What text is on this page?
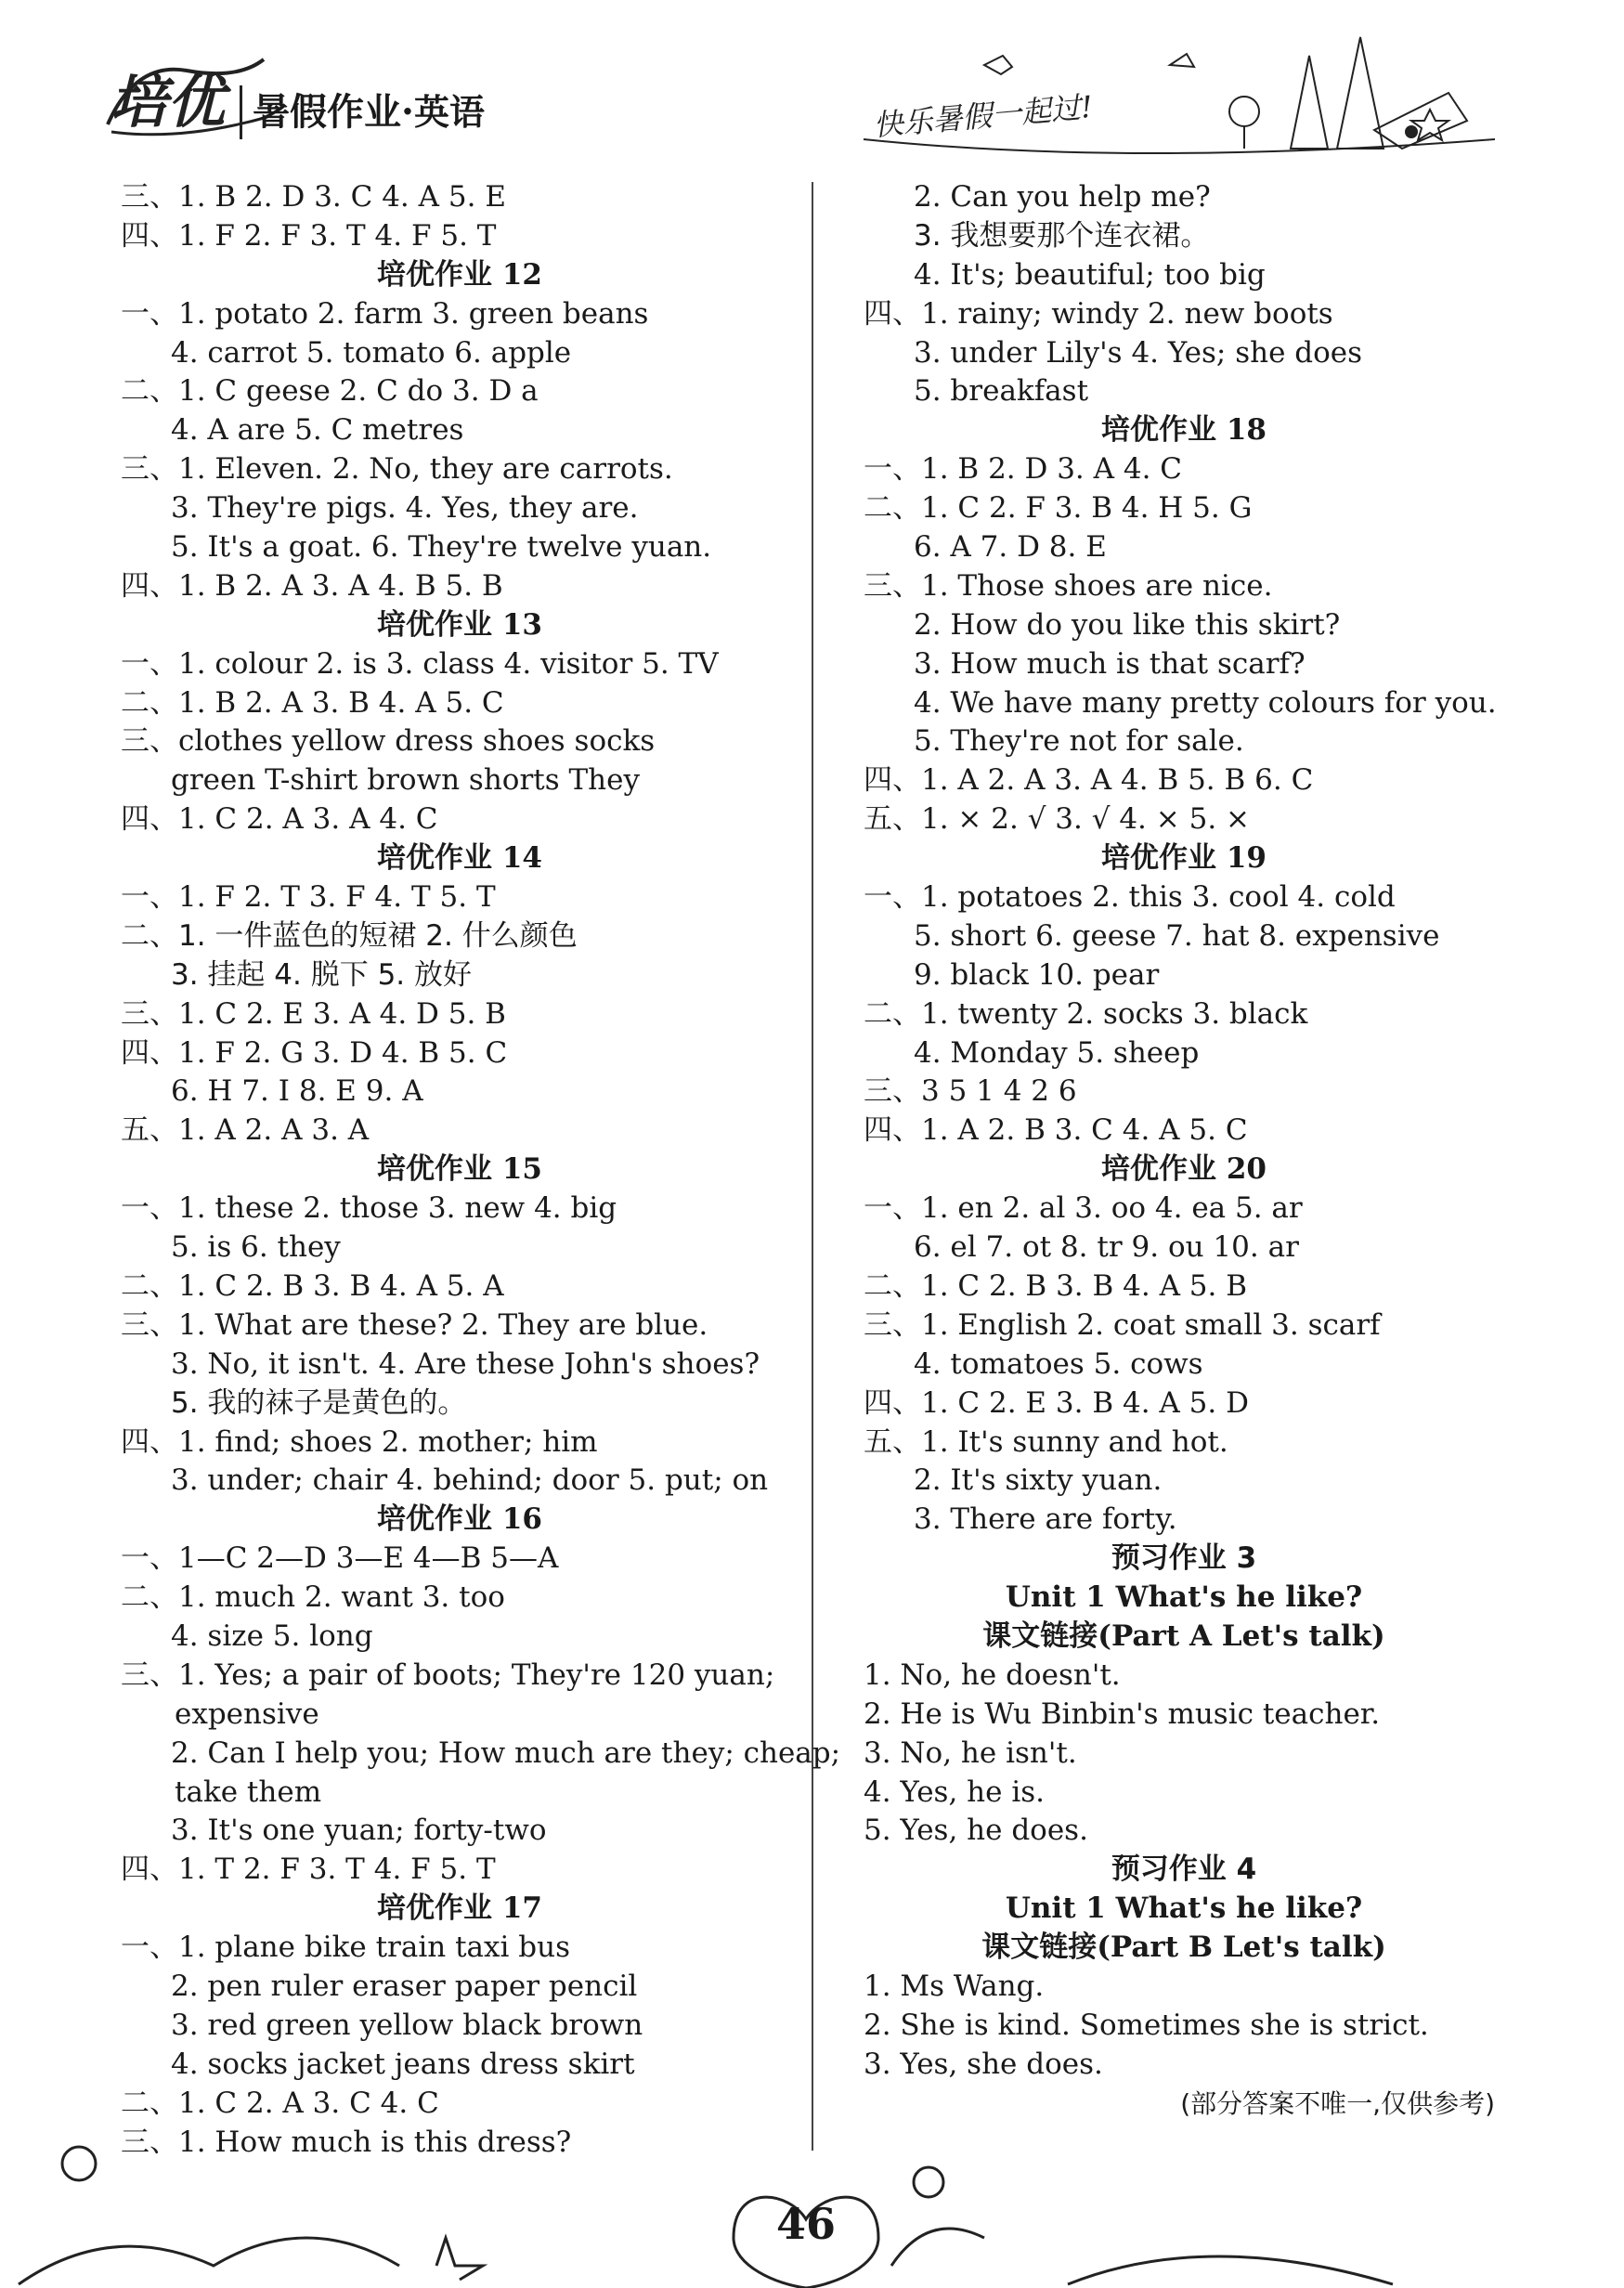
培优 暑假作业·英语	快乐暑假一起过!
三、1. B 2. D 3. C 4. A 5. E
四、1. F 2. F 3. T 4. F 5. T
培优作业 12
一、1. potato 2. farm 3. green beans
4. carrot 5. tomato 6. apple
二、1. C geese 2. C do 3. D a
4. A are 5. C metres
三、1. Eleven. 2. No, they are carrots.
3. They're pigs. 4. Yes, they are.
5. It's a goat. 6. They're twelve yuan.
四、1. B 2. A 3. A 4. B 5. B
培优作业 13
一、1. colour 2. is 3. class 4. visitor 5. TV
二、1. B 2. A 3. B 4. A 5. C
三、clothes yellow dress shoes socks
green T-shirt brown shorts They
四、1. C 2. A 3. A 4. C
培优作业 14
一、1. F 2. T 3. F 4. T 5. T
二、1. 一件蓝色的短裙 2. 什么颜色
3. 挂起 4. 脱下 5. 放好
三、1. C 2. E 3. A 4. D 5. B
四、1. F 2. G 3. D 4. B 5. C
6. H 7. I 8. E 9. A
五、1. A 2. A 3. A
培优作业 15
一、1. these 2. those 3. new 4. big
5. is 6. they
二、1. C 2. B 3. B 4. A 5. A
三、1. What are these? 2. They are blue.
3. No, it isn't. 4. Are these John's shoes?
5. 我的袜子是黄色的。
四、1. find; shoes 2. mother; him
3. under; chair 4. behind; door 5. put; on
培优作业 16
一、1—C 2—D 3—E 4—B 5—A
二、1. much 2. want 3. too
4. size 5. long
三、1. Yes; a pair of boots; They're 120 yuan;
expensive
2. Can I help you; How much are they; cheap;
take them
3. It's one yuan; forty-two
四、1. T 2. F 3. T 4. F 5. T
培优作业 17
一、1. plane bike train taxi bus
2. pen ruler eraser paper pencil
3. red green yellow black brown
4. socks jacket jeans dress skirt
二、1. C 2. A 3. C 4. C
三、1. How much is this dress?
2. Can you help me?
3. 我想要那个连衣裙。
4. It's; beautiful; too big
四、1. rainy; windy 2. new boots
3. under Lily's 4. Yes; she does
5. breakfast
培优作业 18
一、1. B 2. D 3. A 4. C
二、1. C 2. F 3. B 4. H 5. G
6. A 7. D 8. E
三、1. Those shoes are nice.
2. How do you like this skirt?
3. How much is that scarf?
4. We have many pretty colours for you.
5. They're not for sale.
四、1. A 2. A 3. A 4. B 5. B 6. C
五、1. × 2. √ 3. √ 4. × 5. ×
培优作业 19
一、1. potatoes 2. this 3. cool 4. cold
5. short 6. geese 7. hat 8. expensive
9. black 10. pear
二、1. twenty 2. socks 3. black
4. Monday 5. sheep
三、3 5 1 4 2 6
四、1. A 2. B 3. C 4. A 5. C
培优作业 20
一、1. en 2. al 3. oo 4. ea 5. ar
6. el 7. ot 8. tr 9. ou 10. ar
二、1. C 2. B 3. B 4. A 5. B
三、1. English 2. coat small 3. scarf
4. tomatoes 5. cows
四、1. C 2. E 3. B 4. A 5. D
五、1. It's sunny and hot.
2. It's sixty yuan.
3. There are forty.
预习作业 3
Unit 1 What's he like?
课文链接(Part A Let's talk)
1. No, he doesn't.
2. He is Wu Binbin's music teacher.
3. No, he isn't.
4. Yes, he is.
5. Yes, he does.
预习作业 4
Unit 1 What's he like?
课文链接(Part B Let's talk)
1. Ms Wang.
2. She is kind. Sometimes she is strict.
3. Yes, she does.
(部分答案不唯一,仅供参考)
46
